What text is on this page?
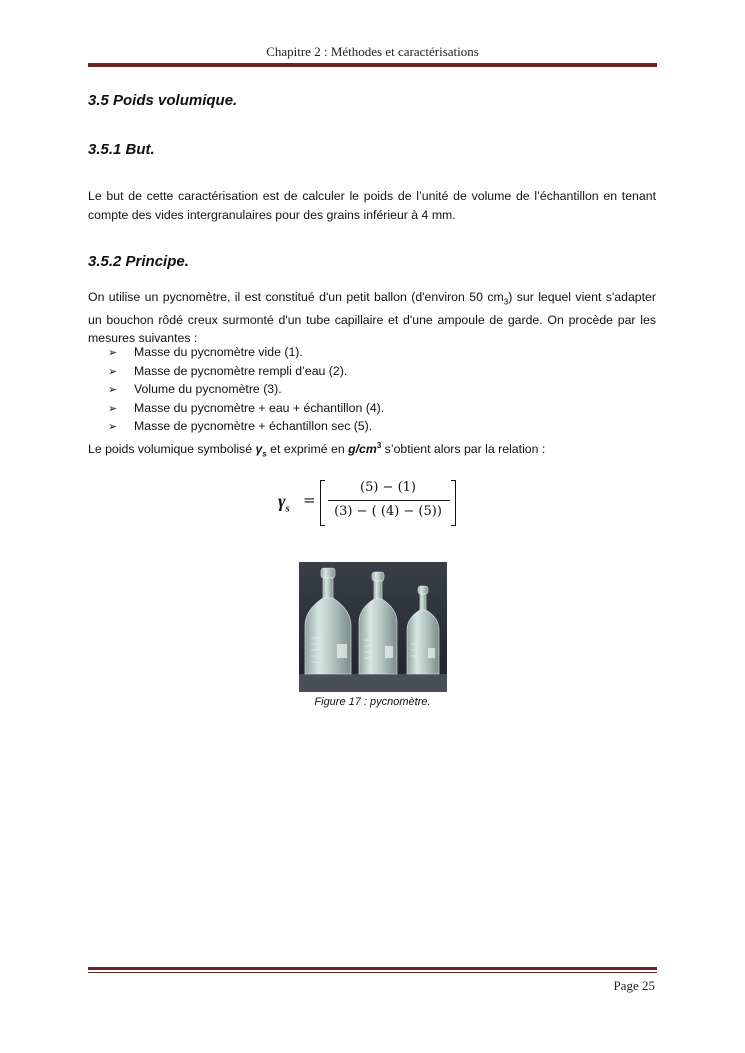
Chapitre 2 : Méthodes et caractérisations
3.5 Poids volumique.
3.5.1 But.

Le but de cette caractérisation est de calculer le poids de l’unité de volume de l’échantillon en tenant compte des vides intergranulaires pour des grains inférieur à 4 mm.

3.5.2 Principe.

On utilise un pycnomètre, il est constitué d'un petit ballon (d'environ 50 $cm_3$) sur lequel vient s'adapter un bouchon rôdé creux surmonté d'un tube capillaire et d'une ampoule de garde. On procède par les mesures suivantes :

➢ Masse du pycnomètre vide (1).
➢ Masse de pycnomètre rempli d’eau (2).
➢ Volume du pycnomètre (3).
➢ Masse du pycnomètre + eau + échantillon (4).
➢ Masse de pycnomètre + échantillon sec (5).

Le poids volumique symbolisé $\gamma_s$ et exprimé en $g/cm^3$ s’obtient alors par la relation :

$\gamma_s$ =
(5) − (1)
(3) − ( (4) − (5))
Figure 17 : pycnomètre.
Page 25
